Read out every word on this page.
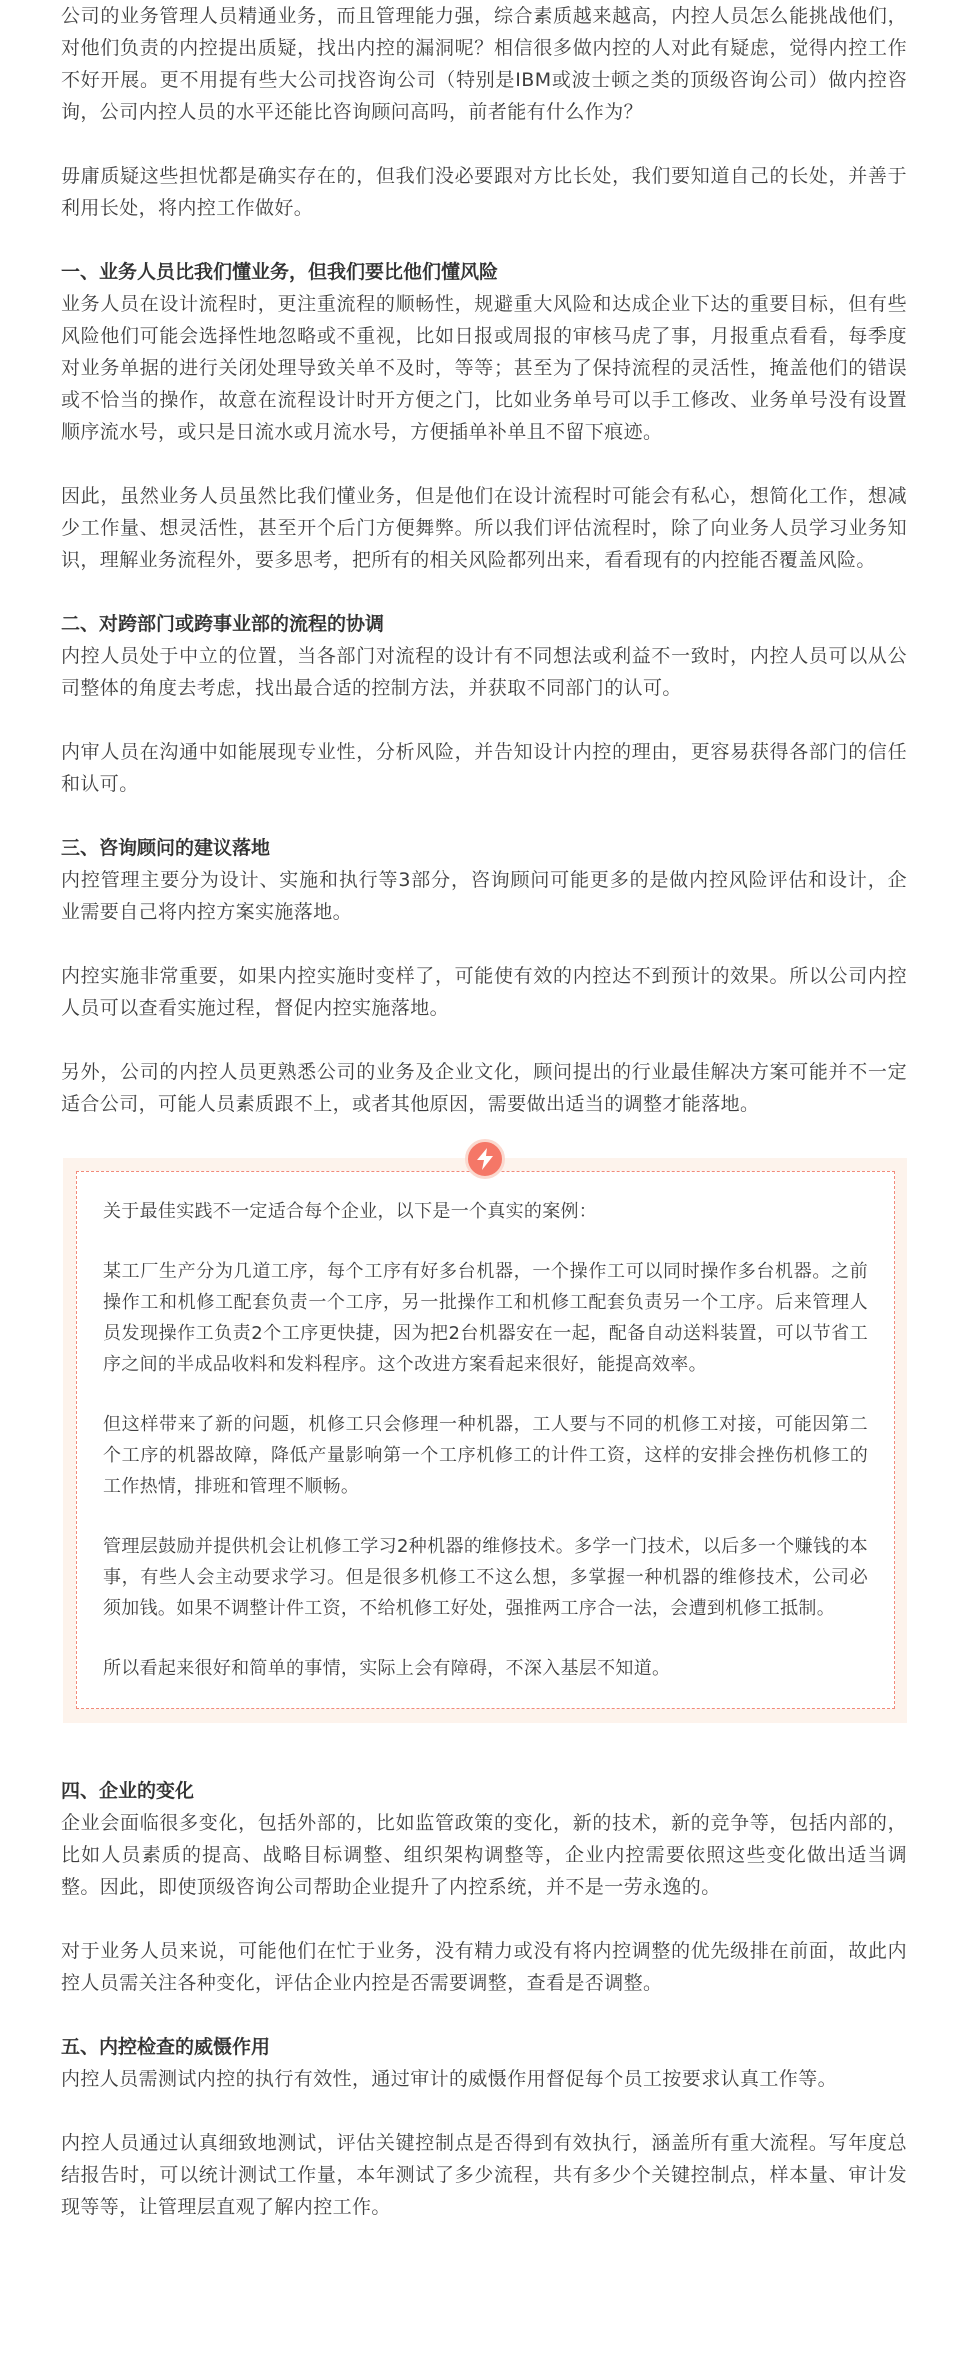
公司的业务管理人员精通业务，而且管理能力强，综合素质越来越高，内控人员怎么能挑战他们，对他们负责的内控提出质疑，找出内控的漏洞呢？相信很多做内控的人对此有疑虑，觉得内控工作不好开展。更不用提有些大公司找咨询公司（特别是IBM或波士顿之类的顶级咨询公司）做内控咨询，公司内控人员的水平还能比咨询顾问高吗，前者能有什么作为？

毋庸质疑这些担忧都是确实存在的，但我们没必要跟对方比长处，我们要知道自己的长处，并善于利用长处，将内控工作做好。

一、业务人员比我们懂业务，但我们要比他们懂风险

业务人员在设计流程时，更注重流程的顺畅性，规避重大风险和达成企业下达的重要目标，但有些风险他们可能会选择性地忽略或不重视，比如日报或周报的审核马虎了事，月报重点看看，每季度对业务单据的进行关闭处理导致关单不及时，等等；甚至为了保持流程的灵活性，掩盖他们的错误或不恰当的操作，故意在流程设计时开方便之门，比如业务单号可以手工修改、业务单号没有设置顺序流水号，或只是日流水或月流水号，方便插单补单且不留下痕迹。

因此，虽然业务人员虽然比我们懂业务，但是他们在设计流程时可能会有私心，想简化工作，想减少工作量、想灵活性，甚至开个后门方便舞弊。所以我们评估流程时，除了向业务人员学习业务知识，理解业务流程外，要多思考，把所有的相关风险都列出来，看看现有的内控能否覆盖风险。

二、对跨部门或跨事业部的流程的协调

内控人员处于中立的位置，当各部门对流程的设计有不同想法或利益不一致时，内控人员可以从公司整体的角度去考虑，找出最合适的控制方法，并获取不同部门的认可。

内审人员在沟通中如能展现专业性，分析风险，并告知设计内控的理由，更容易获得各部门的信任和认可。

三、咨询顾问的建议落地

内控管理主要分为设计、实施和执行等3部分，咨询顾问可能更多的是做内控风险评估和设计，企业需要自己将内控方案实施落地。

内控实施非常重要，如果内控实施时变样了，可能使有效的内控达不到预计的效果。所以公司内控人员可以查看实施过程，督促内控实施落地。

另外，公司的内控人员更熟悉公司的业务及企业文化，顾问提出的行业最佳解决方案可能并不一定适合公司，可能人员素质跟不上，或者其他原因，需要做出适当的调整才能落地。

关于最佳实践不一定适合每个企业，以下是一个真实的案例：

某工厂生产分为几道工序，每个工序有好多台机器，一个操作工可以同时操作多台机器。之前操作工和机修工配套负责一个工序，另一批操作工和机修工配套负责另一个工序。后来管理人员发现操作工负责2个工序更快捷，因为把2台机器安在一起，配备自动送料装置，可以节省工序之间的半成品收料和发料程序。这个改进方案看起来很好，能提高效率。

但这样带来了新的问题，机修工只会修理一种机器，工人要与不同的机修工对接，可能因第二个工序的机器故障，降低产量影响第一个工序机修工的计件工资，这样的安排会挫伤机修工的工作热情，排班和管理不顺畅。

管理层鼓励并提供机会让机修工学习2种机器的维修技术。多学一门技术，以后多一个赚钱的本事，有些人会主动要求学习。但是很多机修工不这么想，多掌握一种机器的维修技术，公司必须加钱。如果不调整计件工资，不给机修工好处，强推两工序合一法，会遭到机修工抵制。

所以看起来很好和简单的事情，实际上会有障碍，不深入基层不知道。

四、企业的变化

企业会面临很多变化，包括外部的，比如监管政策的变化，新的技术，新的竞争等，包括内部的，比如人员素质的提高、战略目标调整、组织架构调整等，企业内控需要依照这些变化做出适当调整。因此，即使顶级咨询公司帮助企业提升了内控系统，并不是一劳永逸的。

对于业务人员来说，可能他们在忙于业务，没有精力或没有将内控调整的优先级排在前面，故此内控人员需关注各种变化，评估企业内控是否需要调整，查看是否调整。

五、内控检查的威慑作用

内控人员需测试内控的执行有效性，通过审计的威慑作用督促每个员工按要求认真工作等。

内控人员通过认真细致地测试，评估关键控制点是否得到有效执行，涵盖所有重大流程。写年度总结报告时，可以统计测试工作量，本年测试了多少流程，共有多少个关键控制点，样本量、审计发现等等，让管理层直观了解内控工作。
